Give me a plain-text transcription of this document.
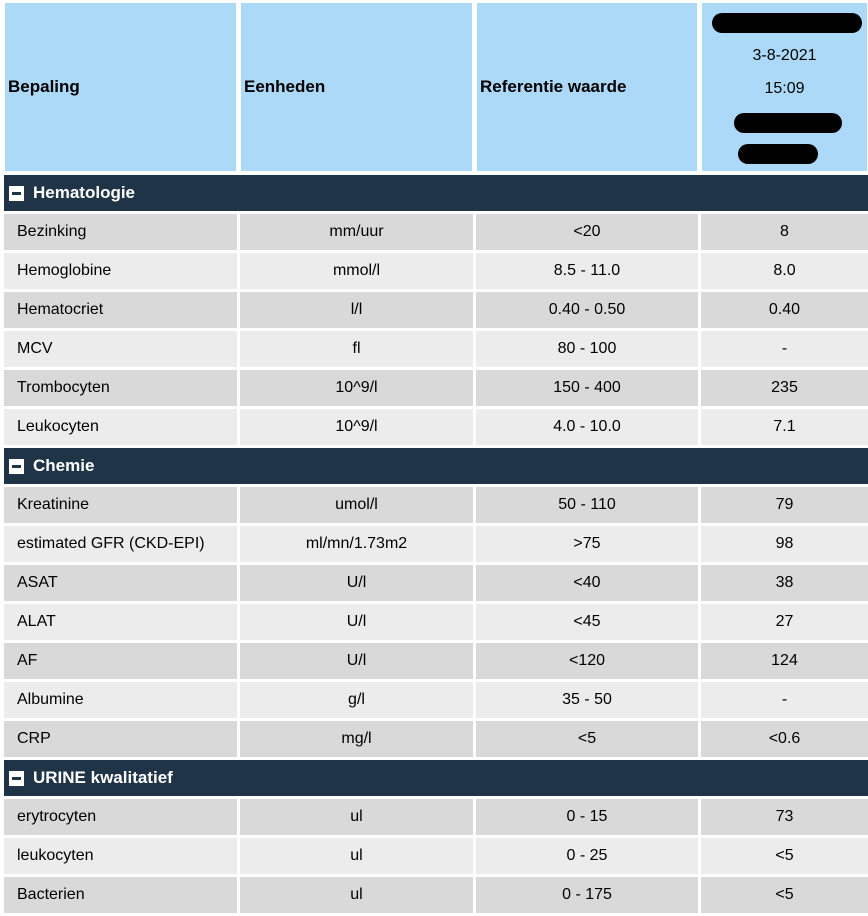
Bepaling	Eenheden	Referentie waarde
3-8-2021
15:09
Hematologie
Bezinking	mm/uur	<20	8
Hemoglobine	mmol/l	8.5 - 11.0	8.0
Hematocriet	l/l	0.40 - 0.50	0.40
MCV	fl	80 - 100	-
Trombocyten	10^9/l	150 - 400	235
Leukocyten	10^9/l	4.0 - 10.0	7.1
Chemie
Kreatinine	umol/l	50 - 110	79
estimated GFR (CKD-EPI)	ml/mn/1.73m2	>75	98
ASAT	U/l	<40	38
ALAT	U/l	<45	27
AF	U/l	<120	124
Albumine	g/l	35 - 50	-
CRP	mg/l	<5	<0.6
URINE kwalitatief
erytrocyten	ul	0 - 15	73
leukocyten	ul	0 - 25	<5
Bacterien	ul	0 - 175	<5
